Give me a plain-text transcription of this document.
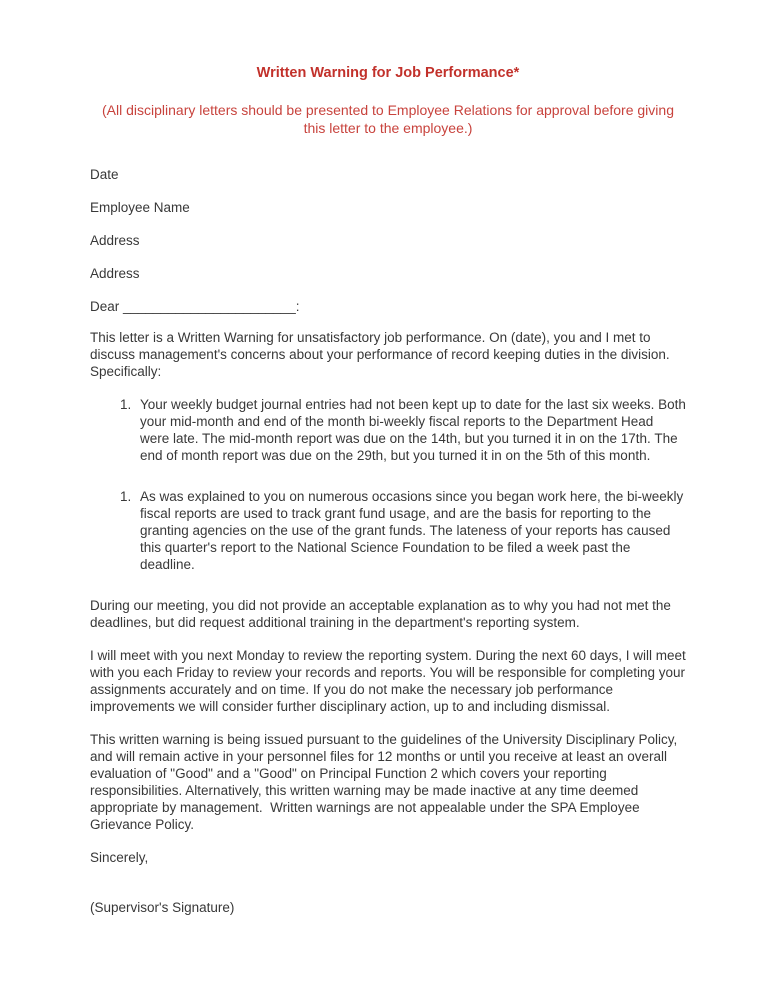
Written Warning for Job Performance*

(All disciplinary letters should be presented to Employee Relations for approval before giving this letter to the employee.)

Date

Employee Name

Address

Address

Dear _______________________:

This letter is a Written Warning for unsatisfactory job performance. On (date), you and I met to discuss management's concerns about your performance of record keeping duties in the division. Specifically:

1. Your weekly budget journal entries had not been kept up to date for the last six weeks. Both your mid-month and end of the month bi-weekly fiscal reports to the Department Head were late. The mid-month report was due on the 14th, but you turned it in on the 17th. The end of month report was due on the 29th, but you turned it in on the 5th of this month.
1. As was explained to you on numerous occasions since you began work here, the bi-weekly fiscal reports are used to track grant fund usage, and are the basis for reporting to the granting agencies on the use of the grant funds. The lateness of your reports has caused this quarter's report to the National Science Foundation to be filed a week past the deadline.

During our meeting, you did not provide an acceptable explanation as to why you had not met the deadlines, but did request additional training in the department's reporting system.

I will meet with you next Monday to review the reporting system. During the next 60 days, I will meet with you each Friday to review your records and reports. You will be responsible for completing your assignments accurately and on time. If you do not make the necessary job performance improvements we will consider further disciplinary action, up to and including dismissal.

This written warning is being issued pursuant to the guidelines of the University Disciplinary Policy, and will remain active in your personnel files for 12 months or until you receive at least an overall evaluation of "Good" and a "Good" on Principal Function 2 which covers your reporting responsibilities. Alternatively, this written warning may be made inactive at any time deemed appropriate by management.  Written warnings are not appealable under the SPA Employee Grievance Policy.

Sincerely,

(Supervisor's Signature)
